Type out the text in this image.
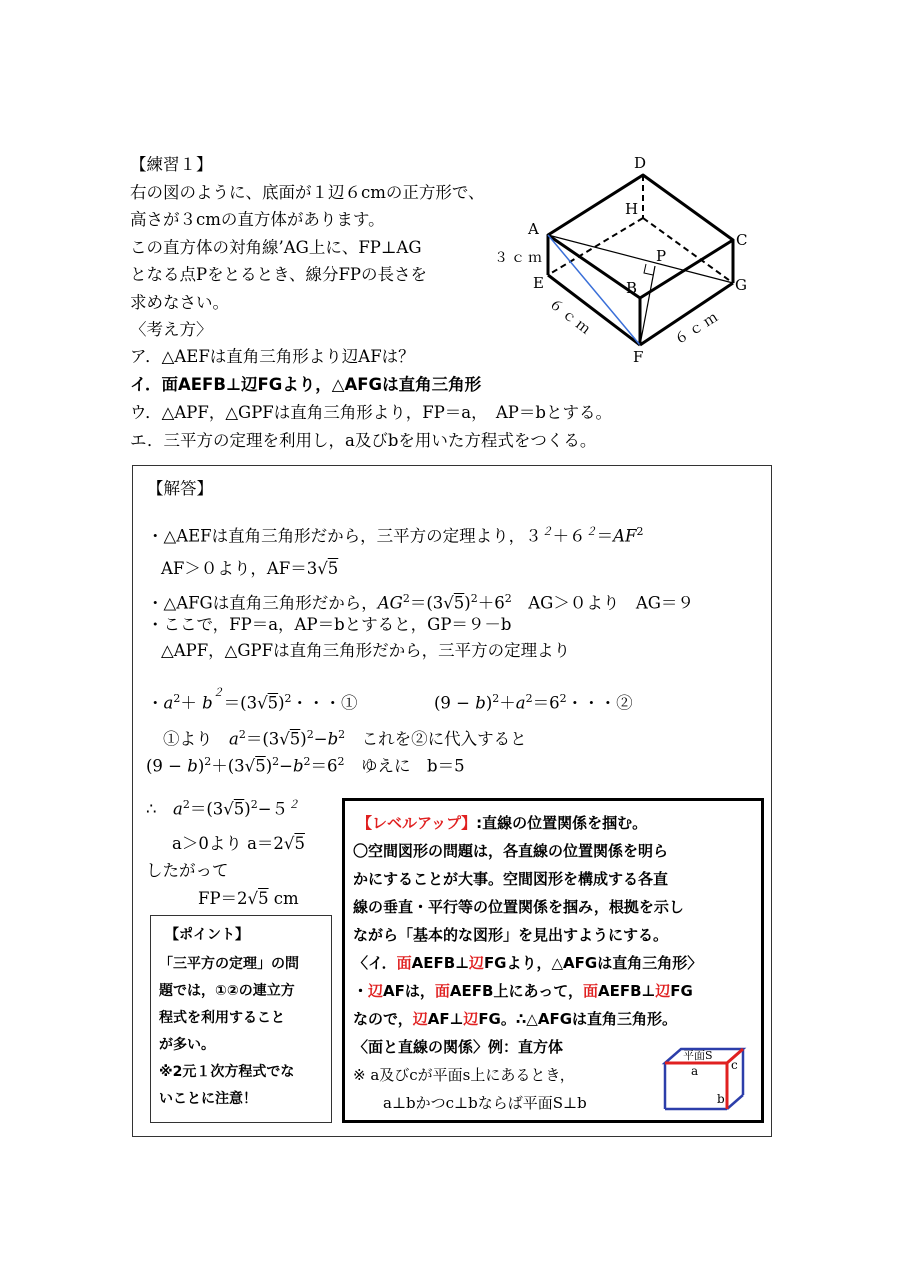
【練習１】
右の図のように、底面が１辺６cmの正方形で、
高さが３cmの直方体があります。
この直方体の対角線’AG上に、FP⊥AG
となる点Pをとるとき、線分FPの長さを
求めなさい。
〈考え方〉
ア．△AEFは直角三角形より辺AFは？
イ．面AEFB⊥辺FGより，△AFGは直角三角形
ウ．△APF，△GPFは直角三角形より，FP＝a，　AP＝bとする。
エ．三平方の定理を利用し，a及びbを用いた方程式をつくる。
D
H
A
C
P
E	B	G
F
３ｃｍ
６ｃｍ	６ｃｍ
【解答】
・△AEFは直角三角形だから，三平方の定理より，$3^2+6^2=AF^2$
AF＞０より，AF＝3√5
・△AFGは直角三角形だから，$AG^2=(3√5)^2+6^2$　AG＞０より　AG＝９
・ここで，FP＝a，AP＝bとすると，GP＝９－b
△APF，△GPFは直角三角形だから，三平方の定理より
・$a^2+ b^2=(3√5)^2$・・・①	$(9 - b)^2+a^2=6^2$・・・②
①より　$a^2=(3√5)^2-b^2$　これを②に代入すると
$(9 - b)^2+(3√5)^2-b^2=6^2$　ゆえに　b＝5
∴　$a^2=(3√5)^2-5^2$
a＞0より a＝2√5
したがって
FP＝2√5 cm
【ポイント】
「三平方の定理」の問
題では，①②の連立方
程式を利用すること
が多い。
※2元１次方程式でな
いことに注意！
【レベルアップ】:直線の位置関係を掴む。
〇空間図形の問題は，各直線の位置関係を明ら
かにすることが大事。空間図形を構成する各直
線の垂直・平行等の位置関係を掴み，根拠を示し
ながら「基本的な図形」を見出すようにする。
〈イ．面AEFB⊥辺FGより，△AFGは直角三角形〉
・辺AFは，面AEFB上にあって，面AEFB⊥辺FG
なので，辺AF⊥辺FG。∴△AFGは直角三角形。
〈面と直線の関係〉例：直方体
※ a及びcが平面s上にあるとき，
a⊥bかつc⊥bならば平面S⊥b
平面S
a	c
b
